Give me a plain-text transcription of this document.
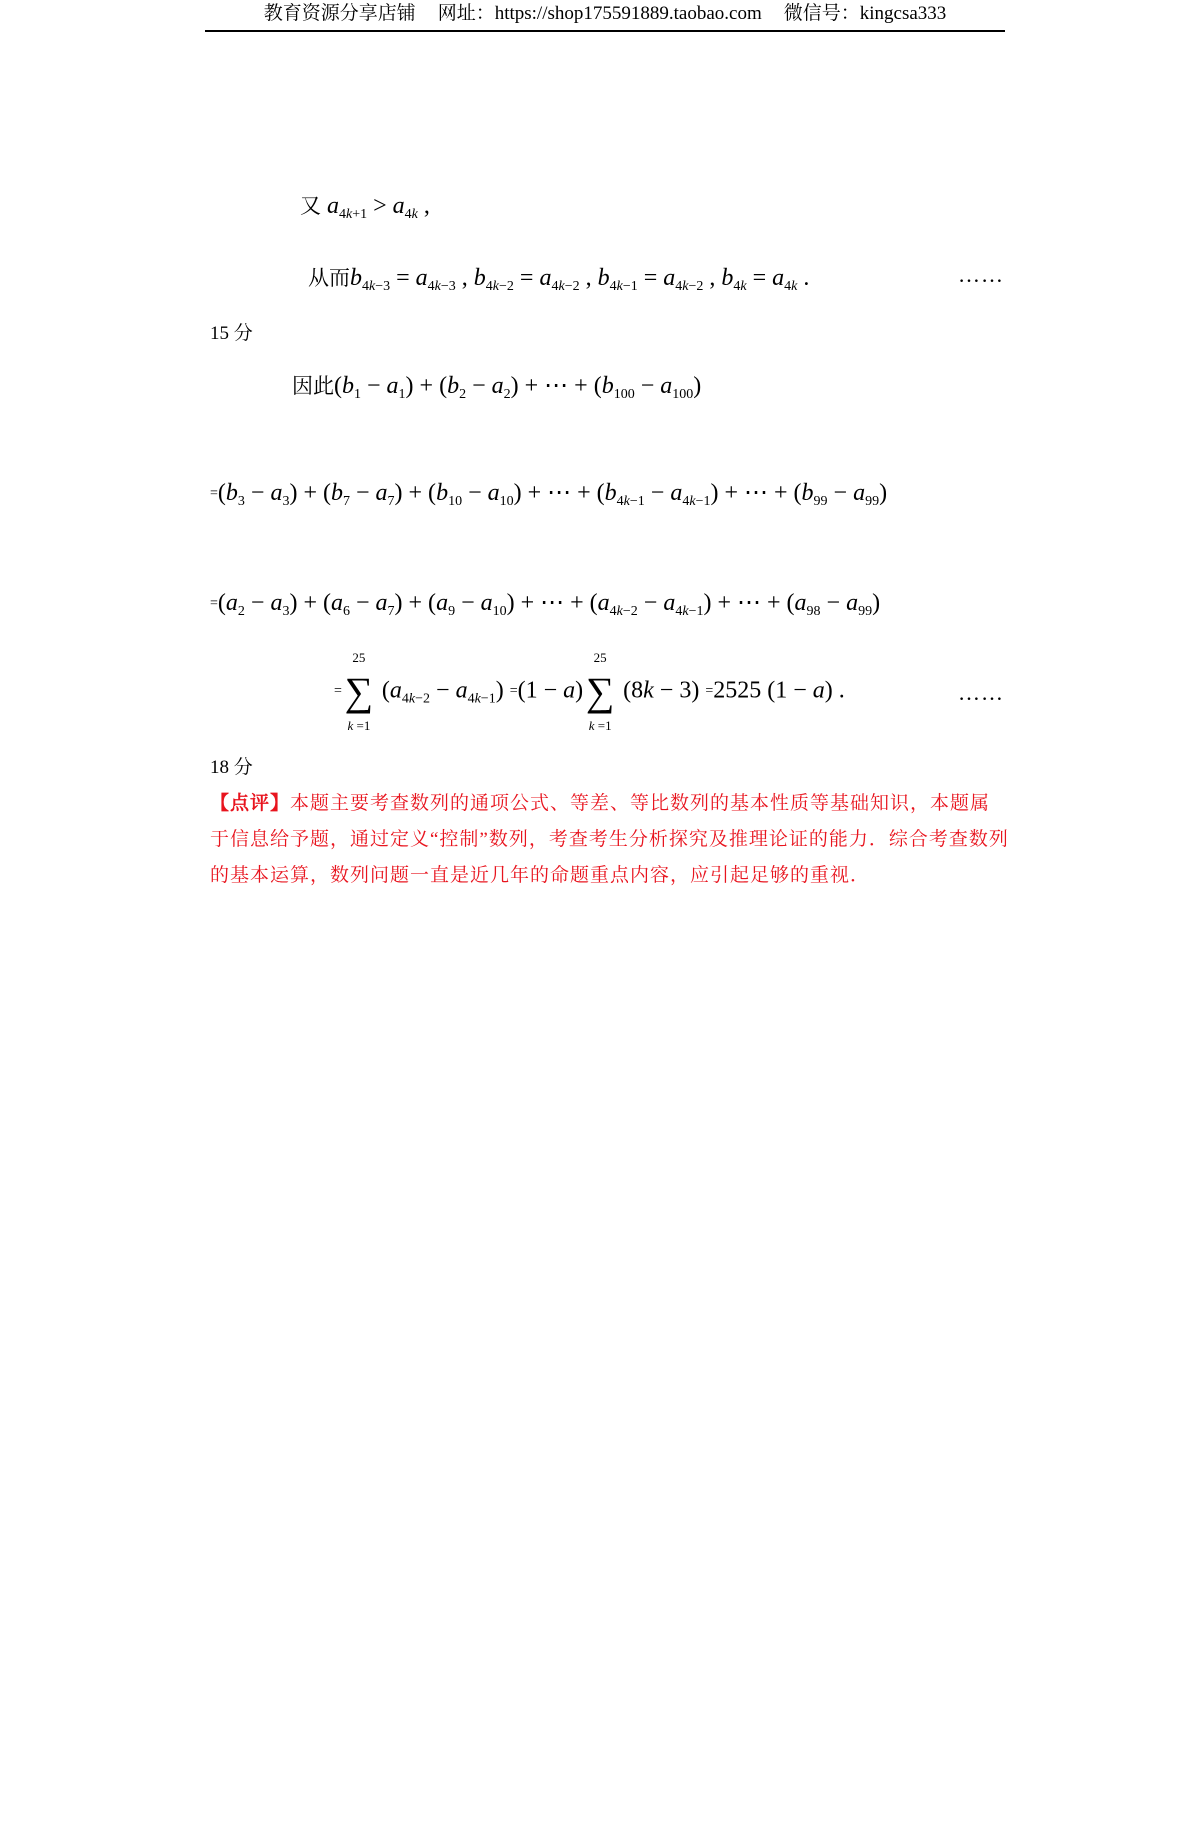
教育资源分享店铺 网址：https://shop175591889.taobao.com 微信号：kingcsa333
又 $a_{4k+1} > a_{4k}$ ,
从而$b_{4k-3} = a_{4k-3}$ , $b_{4k-2} = a_{4k-2}$ , $b_{4k-1} = a_{4k-2}$ , $b_{4k} = a_{4k}$ .	……
15 分
因此$(b_1 - a_1) + (b_2 - a_2)$ + ⋯ + $(b_{100} - a_{100})$
$=(b_3 - a_3) + (b_7 - a_7) + (b_{10} - a_{10})$ + ⋯ + $(b_{4k-1} - a_{4k-1})$ + ⋯ + $(b_{99} - a_{99})$
$=(a_2 - a_3) + (a_6 - a_7) + (a_9 - a_{10})$ + ⋯ + $(a_{4k-2} - a_{4k-1})$ + ⋯ + $(a_{98} - a_{99})$
=
25
∑
k =1
$(a_{4k-2} - a_{4k-1}) =(1 - a)$
25
∑
k =1
(8k − 3) =2525 (1 − a) .	……
18 分
【点评】本题主要考查数列的通项公式、等差、等比数列的基本性质等基础知识，本题属于信息给予题，通过定义“控制”数列，考查考生分析探究及推理论证的能力．综合考查数列的基本运算，数列问题一直是近几年的命题重点内容，应引起足够的重视．
